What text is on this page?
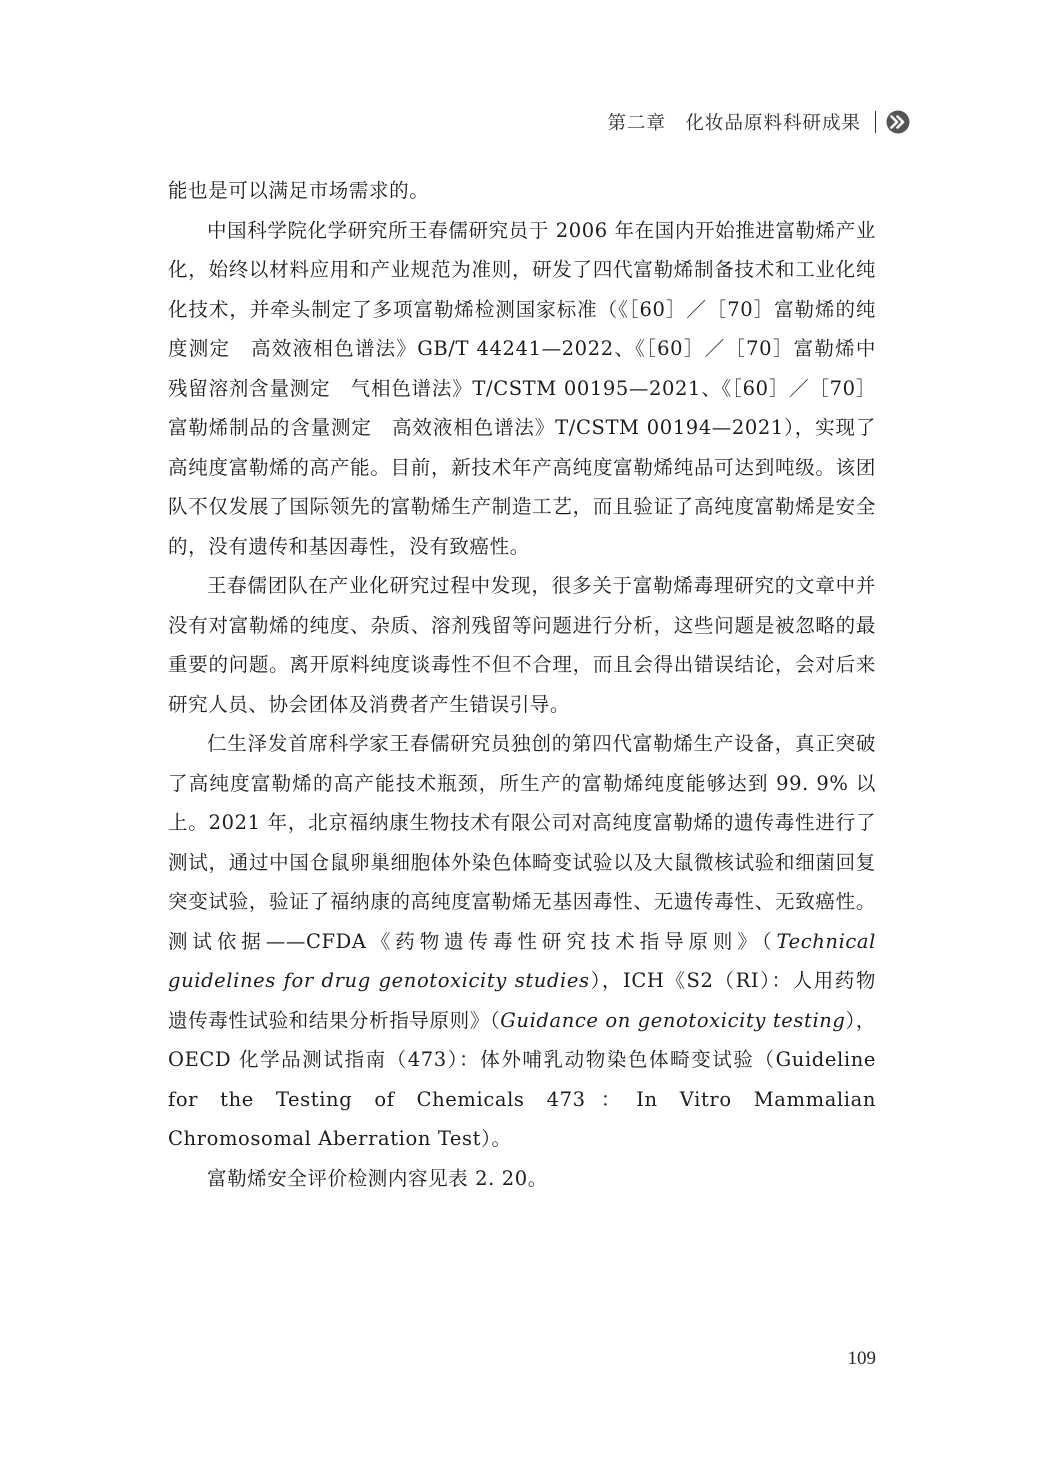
第二章　化妆品原料科研成果

能也是可以满足市场需求的。

中国科学院化学研究所王春儒研究员于 2006 年在国内开始推进富勒烯产业化，始终以材料应用和产业规范为准则，研发了四代富勒烯制备技术和工业化纯化技术，并牵头制定了多项富勒烯检测国家标准（《［60］／［70］富勒烯的纯度测定　高效液相色谱法》GB/T 44241—2022、《［60］／［70］富勒烯中残留溶剂含量测定　气相色谱法》T/CSTM 00195—2021、《［60］／［70］富勒烯制品的含量测定　高效液相色谱法》T/CSTM 00194—2021），实现了高纯度富勒烯的高产能。目前，新技术年产高纯度富勒烯纯品可达到吨级。该团队不仅发展了国际领先的富勒烯生产制造工艺，而且验证了高纯度富勒烯是安全的，没有遗传和基因毒性，没有致癌性。

王春儒团队在产业化研究过程中发现，很多关于富勒烯毒理研究的文章中并没有对富勒烯的纯度、杂质、溶剂残留等问题进行分析，这些问题是被忽略的最重要的问题。离开原料纯度谈毒性不但不合理，而且会得出错误结论，会对后来研究人员、协会团体及消费者产生错误引导。

仁生泽发首席科学家王春儒研究员独创的第四代富勒烯生产设备，真正突破了高纯度富勒烯的高产能技术瓶颈，所生产的富勒烯纯度能够达到 99. 9% 以上。2021 年，北京福纳康生物技术有限公司对高纯度富勒烯的遗传毒性进行了测试，通过中国仓鼠卵巢细胞体外染色体畸变试验以及大鼠微核试验和细菌回复突变试验，验证了福纳康的高纯度富勒烯无基因毒性、无遗传毒性、无致癌性。测试依据——CFDA《药物遗传毒性研究技术指导原则》（Technical guidelines for drug genotoxicity studies），ICH《S2（RI）：人用药物遗传毒性试验和结果分析指导原则》（Guidance on genotoxicity testing），OECD 化学品测试指南（473）：体外哺乳动物染色体畸变试验（Guideline for the Testing of Chemicals 473：In Vitro Mammalian Chromosomal Aberration Test）。

富勒烯安全评价检测内容见表 2. 20。

109
